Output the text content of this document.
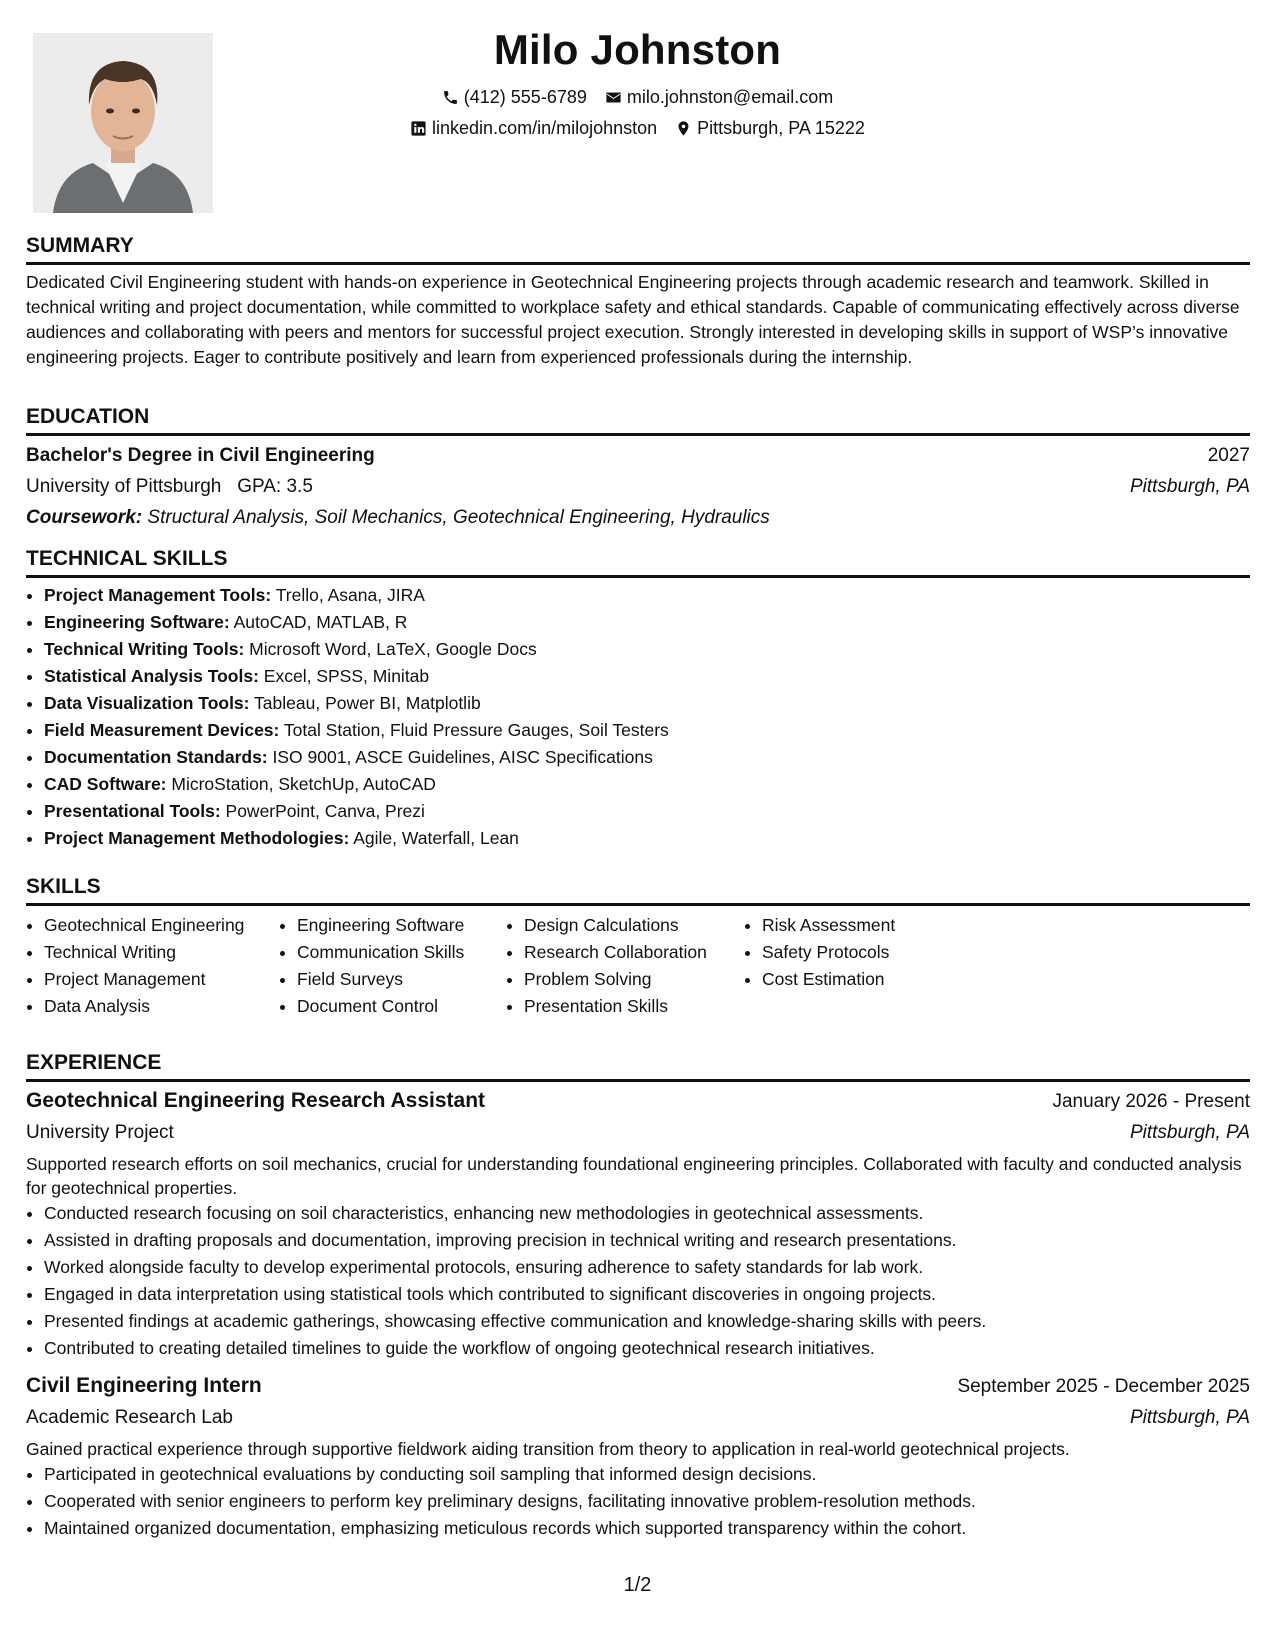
Milo Johnston
(412) 555-6789 milo.johnston@email.com
linkedin.com/in/milojohnston Pittsburgh, PA 15222
SUMMARY
Dedicated Civil Engineering student with hands-on experience in Geotechnical Engineering projects through academic research and teamwork. Skilled in technical writing and project documentation, while committed to workplace safety and ethical standards. Capable of communicating effectively across diverse audiences and collaborating with peers and mentors for successful project execution. Strongly interested in developing skills in support of WSP’s innovative engineering projects. Eager to contribute positively and learn from experienced professionals during the internship.
EDUCATION
Bachelor's Degree in Civil Engineering	2027
University of Pittsburgh GPA: 3.5	Pittsburgh, PA
Coursework: Structural Analysis, Soil Mechanics, Geotechnical Engineering, Hydraulics
TECHNICAL SKILLS
• Project Management Tools: Trello, Asana, JIRA
• Engineering Software: AutoCAD, MATLAB, R
• Technical Writing Tools: Microsoft Word, LaTeX, Google Docs
• Statistical Analysis Tools: Excel, SPSS, Minitab
• Data Visualization Tools: Tableau, Power BI, Matplotlib
• Field Measurement Devices: Total Station, Fluid Pressure Gauges, Soil Testers
• Documentation Standards: ISO 9001, ASCE Guidelines, AISC Specifications
• CAD Software: MicroStation, SketchUp, AutoCAD
• Presentational Tools: PowerPoint, Canva, Prezi
• Project Management Methodologies: Agile, Waterfall, Lean
SKILLS
• Geotechnical Engineering
• Technical Writing
• Project Management
• Data Analysis
• Engineering Software
• Communication Skills
• Field Surveys
• Document Control
• Design Calculations
• Research Collaboration
• Problem Solving
• Presentation Skills
• Risk Assessment
• Safety Protocols
• Cost Estimation
EXPERIENCE
Geotechnical Engineering Research Assistant	January 2026 - Present
University Project	Pittsburgh, PA
Supported research efforts on soil mechanics, crucial for understanding foundational engineering principles. Collaborated with faculty and conducted analysis for geotechnical properties.
• Conducted research focusing on soil characteristics, enhancing new methodologies in geotechnical assessments.
• Assisted in drafting proposals and documentation, improving precision in technical writing and research presentations.
• Worked alongside faculty to develop experimental protocols, ensuring adherence to safety standards for lab work.
• Engaged in data interpretation using statistical tools which contributed to significant discoveries in ongoing projects.
• Presented findings at academic gatherings, showcasing effective communication and knowledge-sharing skills with peers.
• Contributed to creating detailed timelines to guide the workflow of ongoing geotechnical research initiatives.
Civil Engineering Intern	September 2025 - December 2025
Academic Research Lab	Pittsburgh, PA
Gained practical experience through supportive fieldwork aiding transition from theory to application in real-world geotechnical projects.
• Participated in geotechnical evaluations by conducting soil sampling that informed design decisions.
• Cooperated with senior engineers to perform key preliminary designs, facilitating innovative problem-resolution methods.
• Maintained organized documentation, emphasizing meticulous records which supported transparency within the cohort.
1/2
